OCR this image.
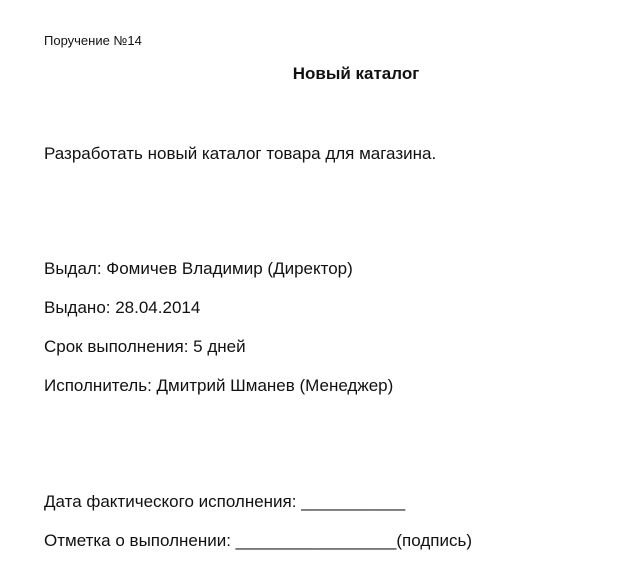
Поручение №14
Новый каталог
Разработать новый каталог товара для магазина.
Выдал: Фомичев Владимир (Директор)
Выдано: 28.04.2014
Срок выполнения: 5 дней
Исполнитель: Дмитрий Шманев (Менеджер)
Дата фактического исполнения: ___________
Отметка о выполнении: _________________(подпись)
